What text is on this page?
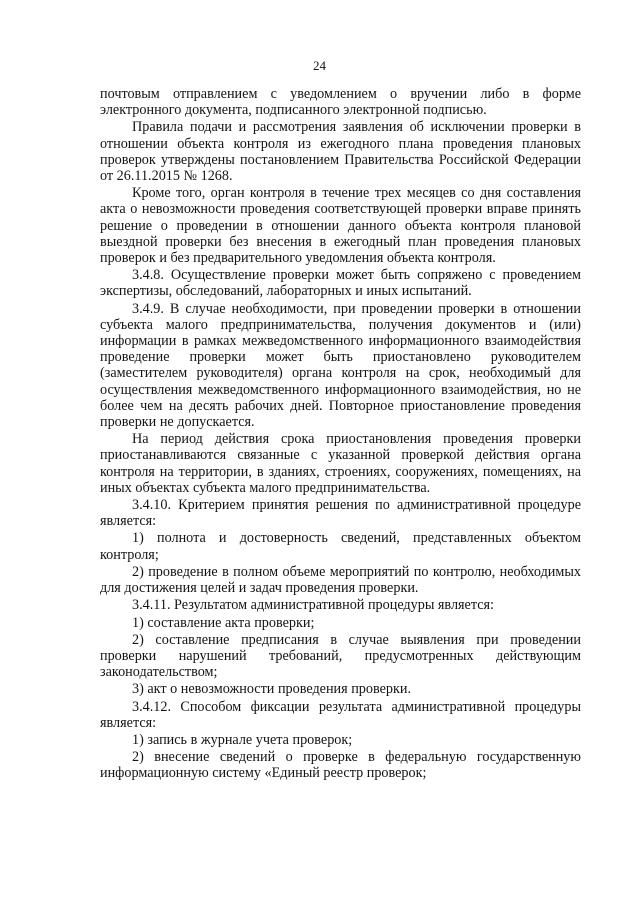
24

почтовым отправлением с уведомлением о вручении либо в форме электронного документа, подписанного электронной подписью.

Правила подачи и рассмотрения заявления об исключении проверки в отношении объекта контроля из ежегодного плана проведения плановых проверок утверждены постановлением Правительства Российской Федерации от 26.11.2015 № 1268.

Кроме того, орган контроля в течение трех месяцев со дня составления акта о невозможности проведения соответствующей проверки вправе принять решение о проведении в отношении данного объекта контроля плановой выездной проверки без внесения в ежегодный план проведения плановых проверок и без предварительного уведомления объекта контроля.

3.4.8. Осуществление проверки может быть сопряжено с проведением экспертизы, обследований, лабораторных и иных испытаний.

3.4.9. В случае необходимости, при проведении проверки в отношении субъекта малого предпринимательства, получения документов и (или) информации в рамках межведомственного информационного взаимодействия проведение проверки может быть приостановлено руководителем (заместителем руководителя) органа контроля на срок, необходимый для осуществления межведомственного информационного взаимодействия, но не более чем на десять рабочих дней. Повторное приостановление проведения проверки не допускается.

На период действия срока приостановления проведения проверки приостанавливаются связанные с указанной проверкой действия органа контроля на территории, в зданиях, строениях, сооружениях, помещениях, на иных объектах субъекта малого предпринимательства.

3.4.10. Критерием принятия решения по административной процедуре является:

1) полнота и достоверность сведений, представленных объектом контроля;

2) проведение в полном объеме мероприятий по контролю, необходимых для достижения целей и задач проведения проверки.

3.4.11. Результатом административной процедуры является:

1) составление акта проверки;

2) составление предписания в случае выявления при проведении проверки нарушений требований, предусмотренных действующим законодательством;

3) акт о невозможности проведения проверки.

3.4.12. Способом фиксации результата административной процедуры является:

1) запись в журнале учета проверок;

2) внесение сведений о проверке в федеральную государственную информационную систему «Единый реестр проверок;
